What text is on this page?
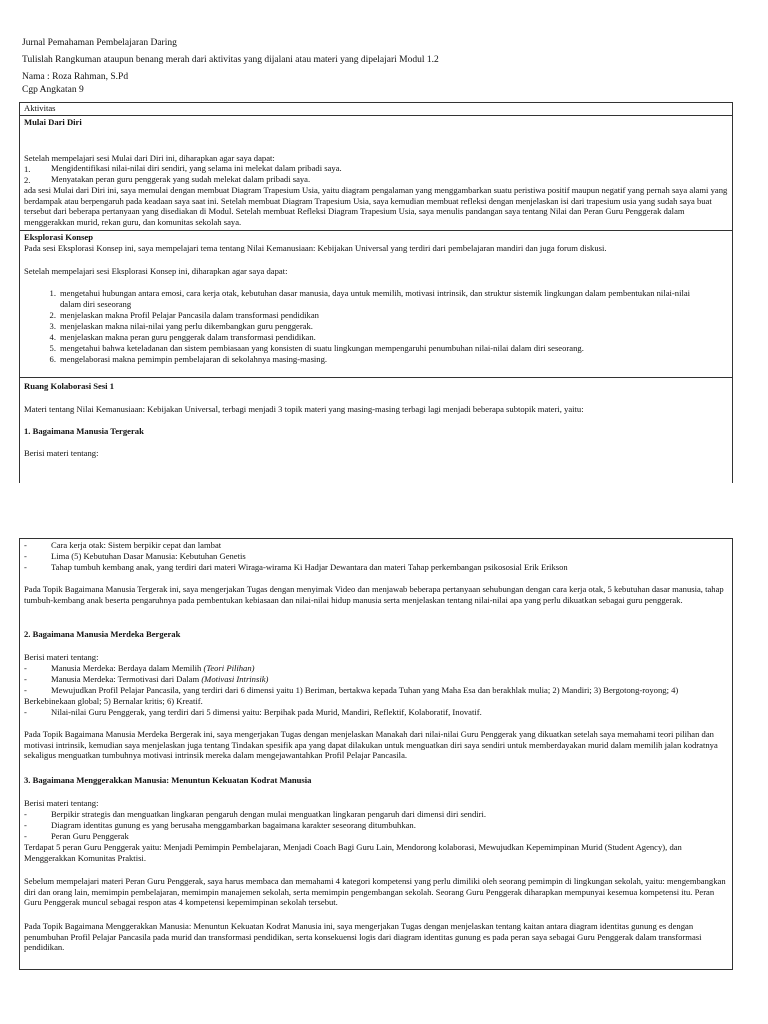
Jurnal Pemahaman Pembelajaran Daring
Tulislah Rangkuman ataupun benang merah dari aktivitas yang dijalani atau materi yang dipelajari Modul 1.2
Nama : Roza Rahman, S.Pd
Cgp Angkatan 9
Aktivitas
Mulai Dari Diri
Setelah mempelajari sesi Mulai dari Diri ini, diharapkan agar saya dapat:
1. Mengidentifikasi nilai-nilai diri sendiri, yang selama ini melekat dalam pribadi saya.
2. Menyatakan peran guru penggerak yang sudah melekat dalam pribadi saya.
ada sesi Mulai dari Diri ini, saya memulai dengan membuat Diagram Trapesium Usia, yaitu diagram pengalaman yang menggambarkan suatu peristiwa positif maupun negatif yang pernah saya alami yang berdampak atau berpengaruh pada keadaan saya saat ini. Setelah membuat Diagram Trapesium Usia, saya kemudian membuat refleksi dengan menjelaskan isi dari trapesium usia yang sudah saya buat tersebut dari beberapa pertanyaan yang disediakan di Modul. Setelah membuat Refleksi Diagram Trapesium Usia, saya menulis pandangan saya tentang Nilai dan Peran Guru Penggerak dalam menggerakkan murid, rekan guru, dan komunitas sekolah saya.
Eksplorasi Konsep
Pada sesi Eksplorasi Konsep ini, saya mempelajari tema tentang Nilai Kemanusiaan: Kebijakan Universal yang terdiri dari pembelajaran mandiri dan juga forum diskusi.
Setelah mempelajari sesi Eksplorasi Konsep ini, diharapkan agar saya dapat:
1. mengetahui hubungan antara emosi, cara kerja otak, kebutuhan dasar manusia, daya untuk memilih, motivasi intrinsik, dan struktur sistemik lingkungan dalam pembentukan nilai-nilai dalam diri seseorang
2. menjelaskan makna Profil Pelajar Pancasila dalam transformasi pendidikan
3. menjelaskan makna nilai-nilai yang perlu dikembangkan guru penggerak.
4. menjelaskan makna peran guru penggerak dalam transformasi pendidikan.
5. mengetahui bahwa keteladanan dan sistem pembiasaan yang konsisten di suatu lingkungan mempengaruhi penumbuhan nilai-nilai dalam diri seseorang.
6. mengelaborasi makna pemimpin pembelajaran di sekolahnya masing-masing.
Ruang Kolaborasi Sesi 1
Materi tentang Nilai Kemanusiaan: Kebijakan Universal, terbagi menjadi 3 topik materi yang masing-masing terbagi lagi menjadi beberapa subtopik materi, yaitu:
1. Bagaimana Manusia Tergerak
Berisi materi tentang:
-	Cara kerja otak: Sistem berpikir cepat dan lambat
-	Lima (5) Kebutuhan Dasar Manusia: Kebutuhan Genetis
-	Tahap tumbuh kembang anak, yang terdiri dari materi Wiraga-wirama Ki Hadjar Dewantara dan materi Tahap perkembangan psikososial Erik Erikson
Pada Topik Bagaimana Manusia Tergerak ini, saya mengerjakan Tugas dengan menyimak Video dan menjawab beberapa pertanyaan sehubungan dengan cara kerja otak, 5 kebutuhan dasar manusia, tahap tumbuh-kembang anak beserta pengaruhnya pada pembentukan kebiasaan dan nilai-nilai hidup manusia serta menjelaskan tentang nilai-nilai apa yang perlu dikuatkan sebagai guru penggerak.
2. Bagaimana Manusia Merdeka Bergerak
Berisi materi tentang:
-	Manusia Merdeka: Berdaya dalam Memilih (Teori Pilihan)
-	Manusia Merdeka: Termotivasi dari Dalam (Motivasi Intrinsik)
-	Mewujudkan Profil Pelajar Pancasila, yang terdiri dari 6 dimensi yaitu 1) Beriman, bertakwa kepada Tuhan yang Maha Esa dan berakhlak mulia; 2) Mandiri; 3) Bergotong-royong; 4) Berkebinekaan global; 5) Bernalar kritis; 6) Kreatif.
-	Nilai-nilai Guru Penggerak, yang terdiri dari 5 dimensi yaitu: Berpihak pada Murid, Mandiri, Reflektif, Kolaboratif, Inovatif.
Pada Topik Bagaimana Manusia Merdeka Bergerak ini, saya mengerjakan Tugas dengan menjelaskan Manakah dari nilai-nilai Guru Penggerak yang dikuatkan setelah saya memahami teori pilihan dan motivasi intrinsik, kemudian saya menjelaskan juga tentang Tindakan spesifik apa yang dapat dilakukan untuk menguatkan diri saya sendiri untuk memberdayakan murid dalam memilih jalan kodratnya sekaligus menguatkan tumbuhnya motivasi intrinsik mereka dalam mengejawantahkan Profil Pelajar Pancasila.
3. Bagaimana Menggerakkan Manusia: Menuntun Kekuatan Kodrat Manusia
Berisi materi tentang:
-	Berpikir strategis dan menguatkan lingkaran pengaruh dengan mulai menguatkan lingkaran pengaruh dari dimensi diri sendiri.
-	Diagram identitas gunung es yang berusaha menggambarkan bagaimana karakter seseorang ditumbuhkan.
-	Peran Guru Penggerak
Terdapat 5 peran Guru Penggerak yaitu: Menjadi Pemimpin Pembelajaran, Menjadi Coach Bagi Guru Lain, Mendorong kolaborasi, Mewujudkan Kepemimpinan Murid (Student Agency), dan Menggerakkan Komunitas Praktisi.
Sebelum mempelajari materi Peran Guru Penggerak, saya harus membaca dan memahami 4 kategori kompetensi yang perlu dimiliki oleh seorang pemimpin di lingkungan sekolah, yaitu: mengembangkan diri dan orang lain, memimpin pembelajaran, memimpin manajemen sekolah, serta memimpin pengembangan sekolah. Seorang Guru Penggerak diharapkan mempunyai kesemua kompetensi itu. Peran Guru Penggerak muncul sebagai respon atas 4 kompetensi kepemimpinan sekolah tersebut.
Pada Topik Bagaimana Menggerakkan Manusia: Menuntun Kekuatan Kodrat Manusia ini, saya mengerjakan Tugas dengan menjelaskan tentang kaitan antara diagram identitas gunung es dengan penumbuhan Profil Pelajar Pancasila pada murid dan transformasi pendidikan, serta konsekuensi logis dari diagram identitas gunung es pada peran saya sebagai Guru Penggerak dalam transformasi pendidikan.
